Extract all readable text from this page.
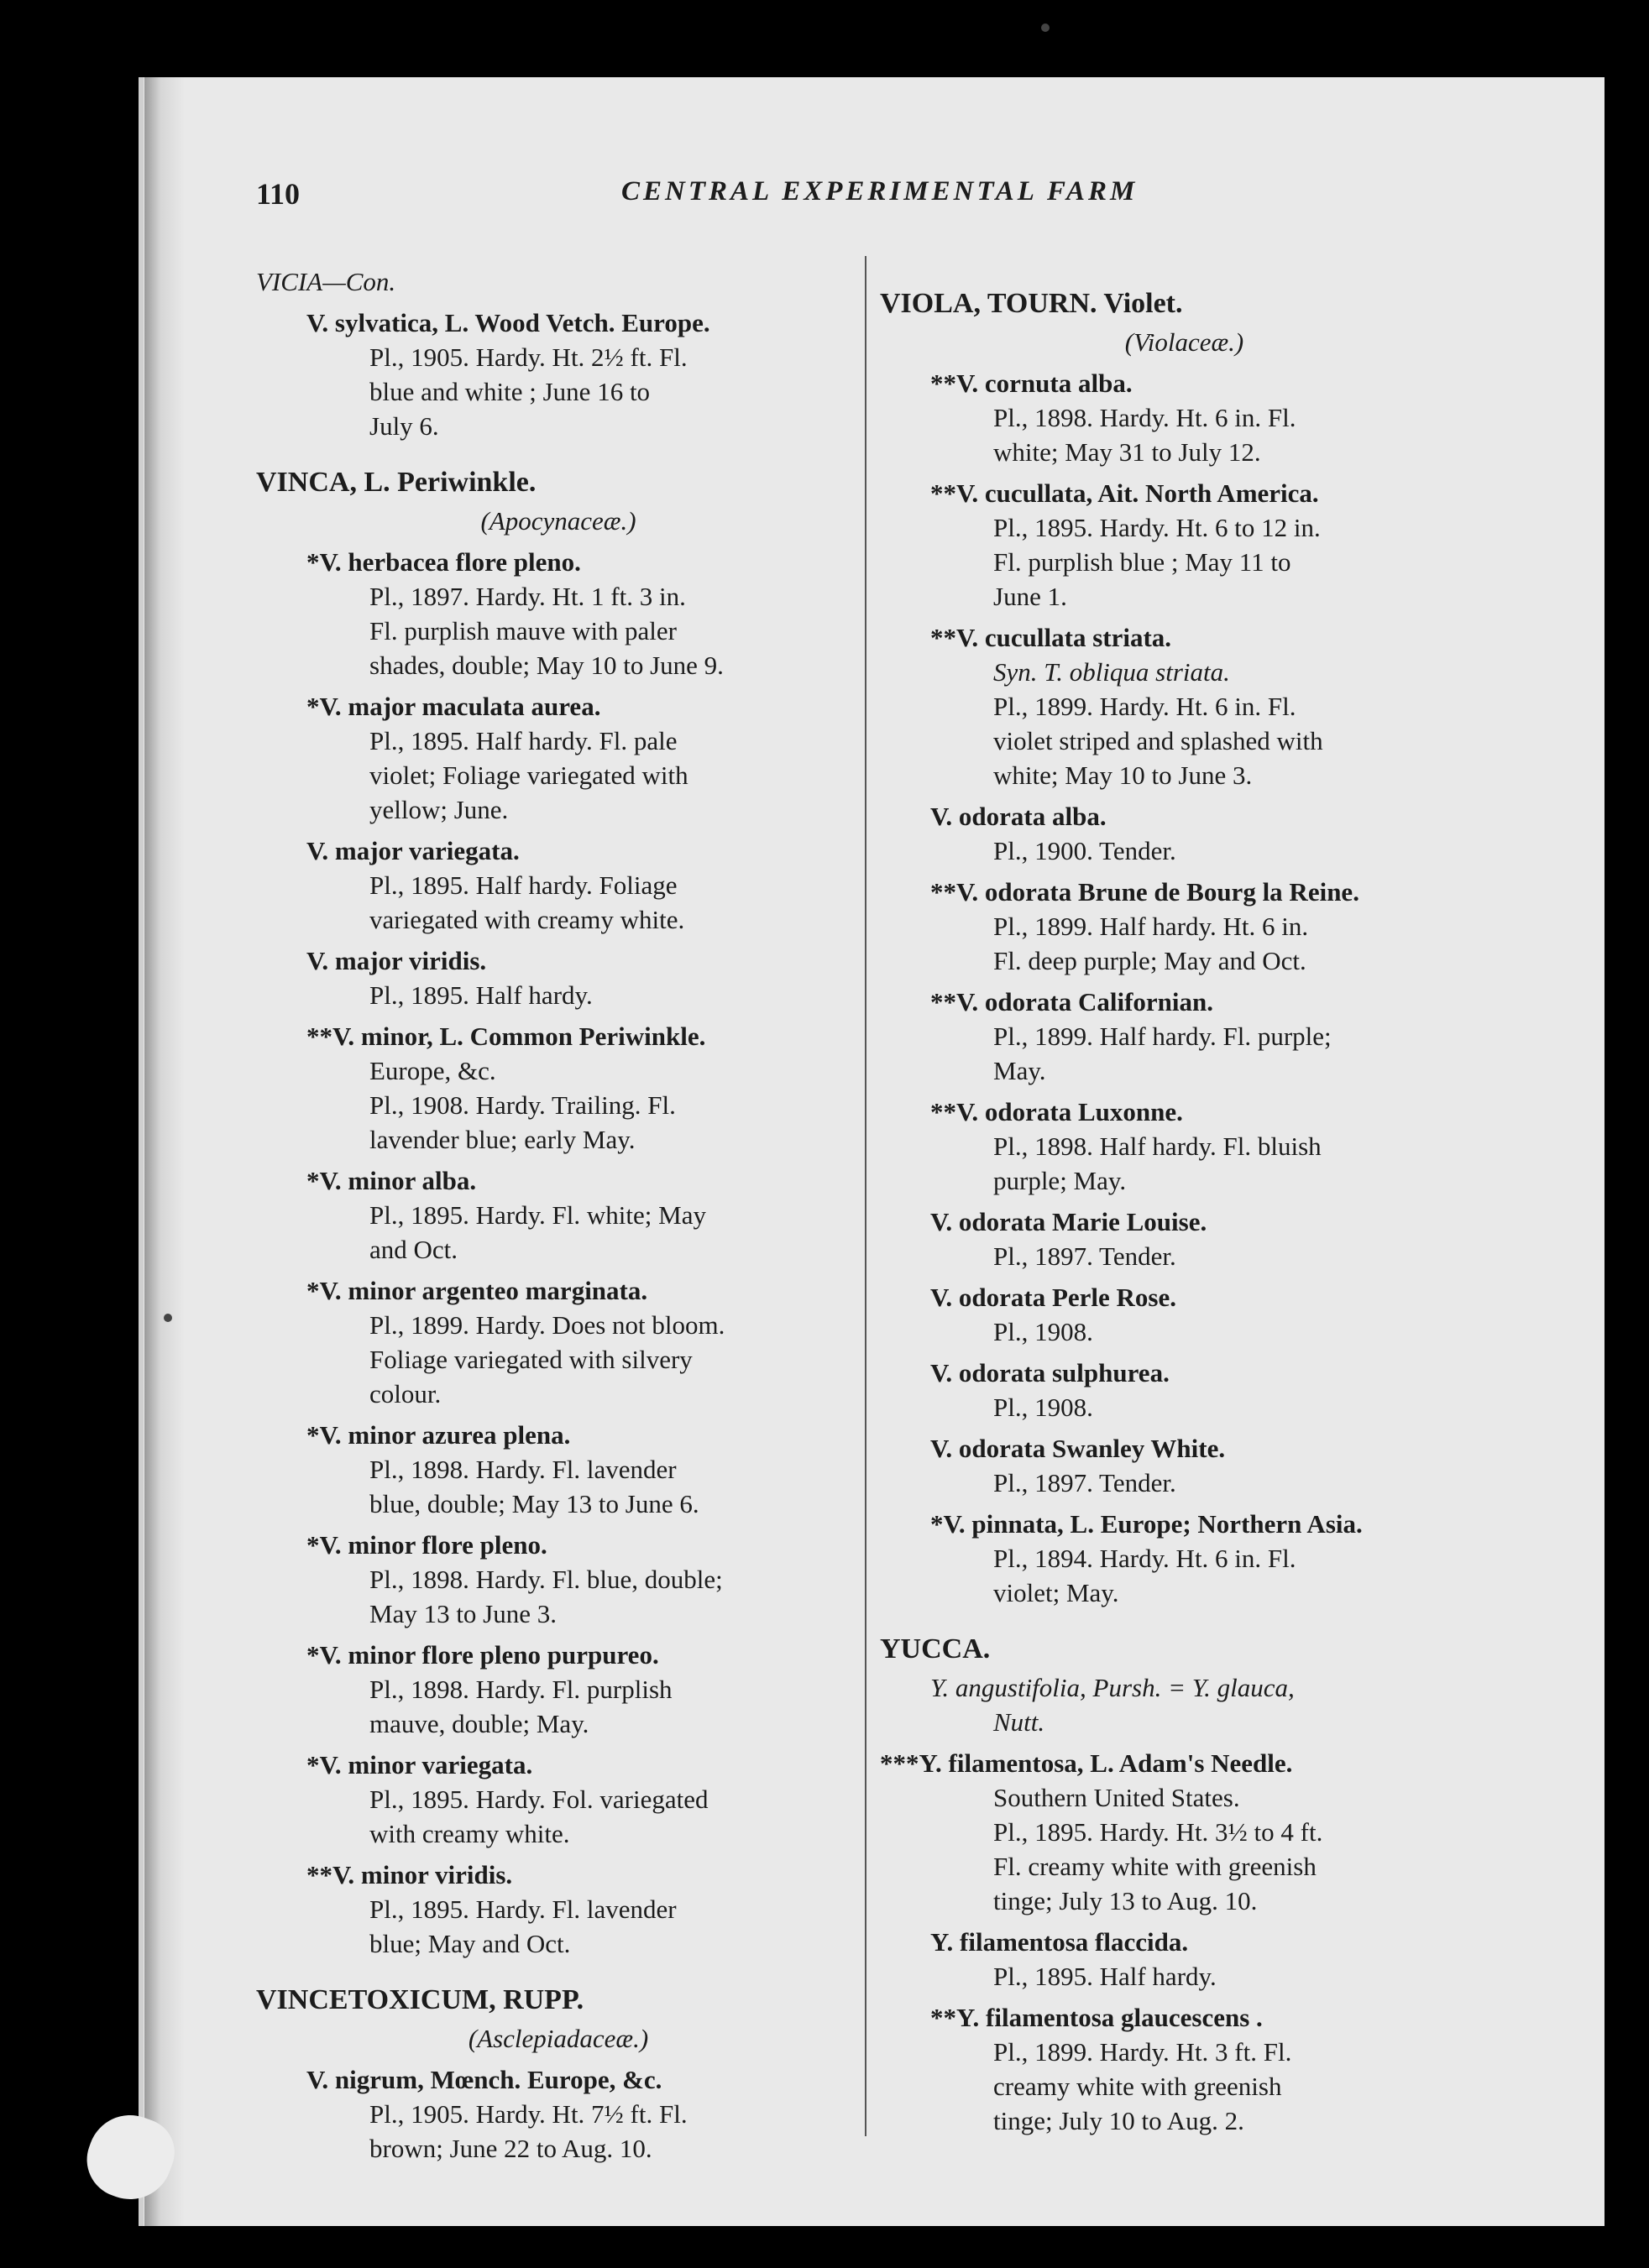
110	CENTRAL EXPERIMENTAL FARM
VICIA—Con.
V. sylvatica, L. Wood Vetch. Europe.
Pl., 1905. Hardy. Ht. 2½ ft. Fl.
blue and white ; June 16 to
July 6.
VINCA, L. Periwinkle.
(Apocynaceæ.)
*V. herbacea flore pleno.
Pl., 1897. Hardy. Ht. 1 ft. 3 in.
Fl. purplish mauve with paler
shades, double; May 10 to June 9.
*V. major maculata aurea.
Pl., 1895. Half hardy. Fl. pale
violet; Foliage variegated with
yellow; June.
V. major variegata.
Pl., 1895. Half hardy. Foliage
variegated with creamy white.
V. major viridis.
Pl., 1895. Half hardy.
**V. minor, L. Common Periwinkle.
Europe, &c.
Pl., 1908. Hardy. Trailing. Fl.
lavender blue; early May.
*V. minor alba.
Pl., 1895. Hardy. Fl. white; May
and Oct.
*V. minor argenteo marginata.
Pl., 1899. Hardy. Does not bloom.
Foliage variegated with silvery
colour.
*V. minor azurea plena.
Pl., 1898. Hardy. Fl. lavender
blue, double; May 13 to June 6.
*V. minor flore pleno.
Pl., 1898. Hardy. Fl. blue, double;
May 13 to June 3.
*V. minor flore pleno purpureo.
Pl., 1898. Hardy. Fl. purplish
mauve, double; May.
*V. minor variegata.
Pl., 1895. Hardy. Fol. variegated
with creamy white.
**V. minor viridis.
Pl., 1895. Hardy. Fl. lavender
blue; May and Oct.
VINCETOXICUM, RUPP.
(Asclepiadaceæ.)
V. nigrum, Mœnch. Europe, &c.
Pl., 1905. Hardy. Ht. 7½ ft. Fl.
brown; June 22 to Aug. 10.
VIOLA, TOURN. Violet.
(Violaceæ.)
**V. cornuta alba.
Pl., 1898. Hardy. Ht. 6 in. Fl.
white; May 31 to July 12.
**V. cucullata, Ait. North America.
Pl., 1895. Hardy. Ht. 6 to 12 in.
Fl. purplish blue ; May 11 to
June 1.
**V. cucullata striata.
Syn. T. obliqua striata.
Pl., 1899. Hardy. Ht. 6 in. Fl.
violet striped and splashed with
white; May 10 to June 3.
V. odorata alba.
Pl., 1900. Tender.
**V. odorata Brune de Bourg la Reine.
Pl., 1899. Half hardy. Ht. 6 in.
Fl. deep purple; May and Oct.
**V. odorata Californian.
Pl., 1899. Half hardy. Fl. purple;
May.
**V. odorata Luxonne.
Pl., 1898. Half hardy. Fl. bluish
purple; May.
V. odorata Marie Louise.
Pl., 1897. Tender.
V. odorata Perle Rose.
Pl., 1908.
V. odorata sulphurea.
Pl., 1908.
V. odorata Swanley White.
Pl., 1897. Tender.
*V. pinnata, L. Europe; Northern Asia.
Pl., 1894. Hardy. Ht. 6 in. Fl.
violet; May.
YUCCA.
Y. angustifolia, Pursh. = Y. glauca,
Nutt.
***Y. filamentosa, L. Adam's Needle.
Southern United States.
Pl., 1895. Hardy. Ht. 3½ to 4 ft.
Fl. creamy white with greenish
tinge; July 13 to Aug. 10.
Y. filamentosa flaccida.
Pl., 1895. Half hardy.
**Y. filamentosa glaucescens .
Pl., 1899. Hardy. Ht. 3 ft. Fl.
creamy white with greenish
tinge; July 10 to Aug. 2.
